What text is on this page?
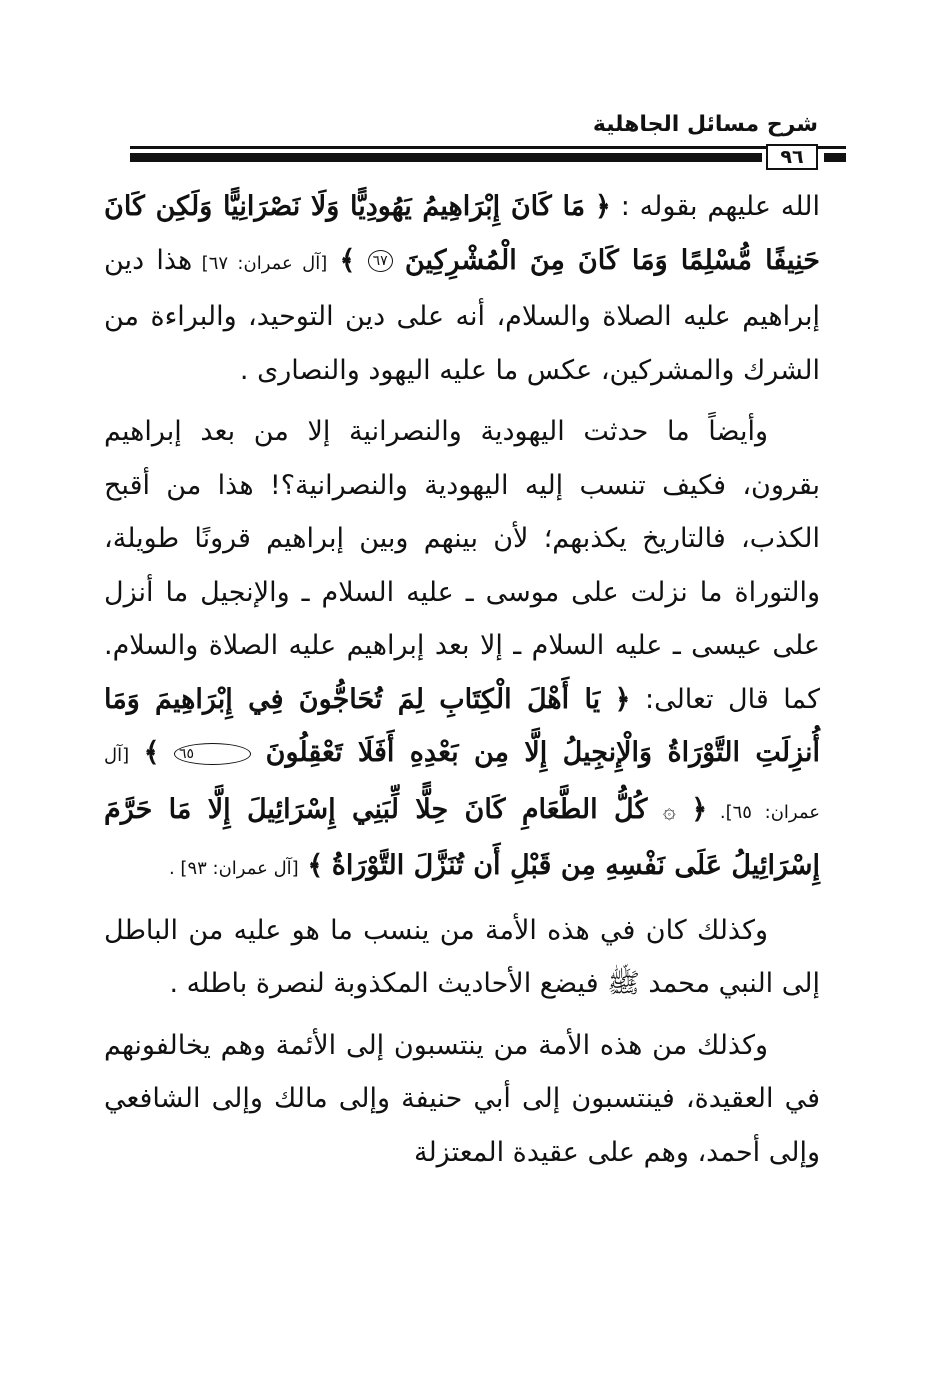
شرح مسائل الجاهلية
٩٦

الله عليهم بقوله : ﴿ مَا كَانَ إِبْرَاهِيمُ يَهُودِيًّا وَلَا نَصْرَانِيًّا وَلَكِن كَانَ حَنِيفًا مُّسْلِمًا وَمَا كَانَ مِنَ الْمُشْرِكِينَ ٦٧ ﴾ [آل عمران: ٦٧] هذا دين إبراهيم عليه الصلاة والسلام، أنه على دين التوحيد، والبراءة من الشرك والمشركين، عكس ما عليه اليهود والنصارى .

وأيضاً ما حدثت اليهودية والنصرانية إلا من بعد إبراهيم بقرون، فكيف تنسب إليه اليهودية والنصرانية؟! هذا من أقبح الكذب، فالتاريخ يكذبهم؛ لأن بينهم وبين إبراهيم قرونًا طويلة، والتوراة ما نزلت على موسى ـ عليه السلام ـ والإنجيل ما أنزل على عيسى ـ عليه السلام ـ إلا بعد إبراهيم عليه الصلاة والسلام. كما قال تعالى: ﴿ يَا أَهْلَ الْكِتَابِ لِمَ تُحَاجُّونَ فِي إِبْرَاهِيمَ وَمَا أُنزِلَتِ التَّوْرَاةُ وَالْإِنجِيلُ إِلَّا مِن بَعْدِهِ أَفَلَا تَعْقِلُونَ ٦٥ ﴾ [آل عمران: ٦٥]. ﴿ ۞ كُلُّ الطَّعَامِ كَانَ حِلًّا لِّبَنِي إِسْرَائِيلَ إِلَّا مَا حَرَّمَ إِسْرَائِيلُ عَلَى نَفْسِهِ مِن قَبْلِ أَن تُنَزَّلَ التَّوْرَاةُ ﴾ [آل عمران: ٩٣] .

وكذلك كان في هذه الأمة من ينسب ما هو عليه من الباطل إلى النبي محمد ﷺ فيضع الأحاديث المكذوبة لنصرة باطله .

وكذلك من هذه الأمة من ينتسبون إلى الأئمة وهم يخالفونهم في العقيدة، فينتسبون إلى أبي حنيفة وإلى مالك وإلى الشافعي وإلى أحمد، وهم على عقيدة المعتزلة
